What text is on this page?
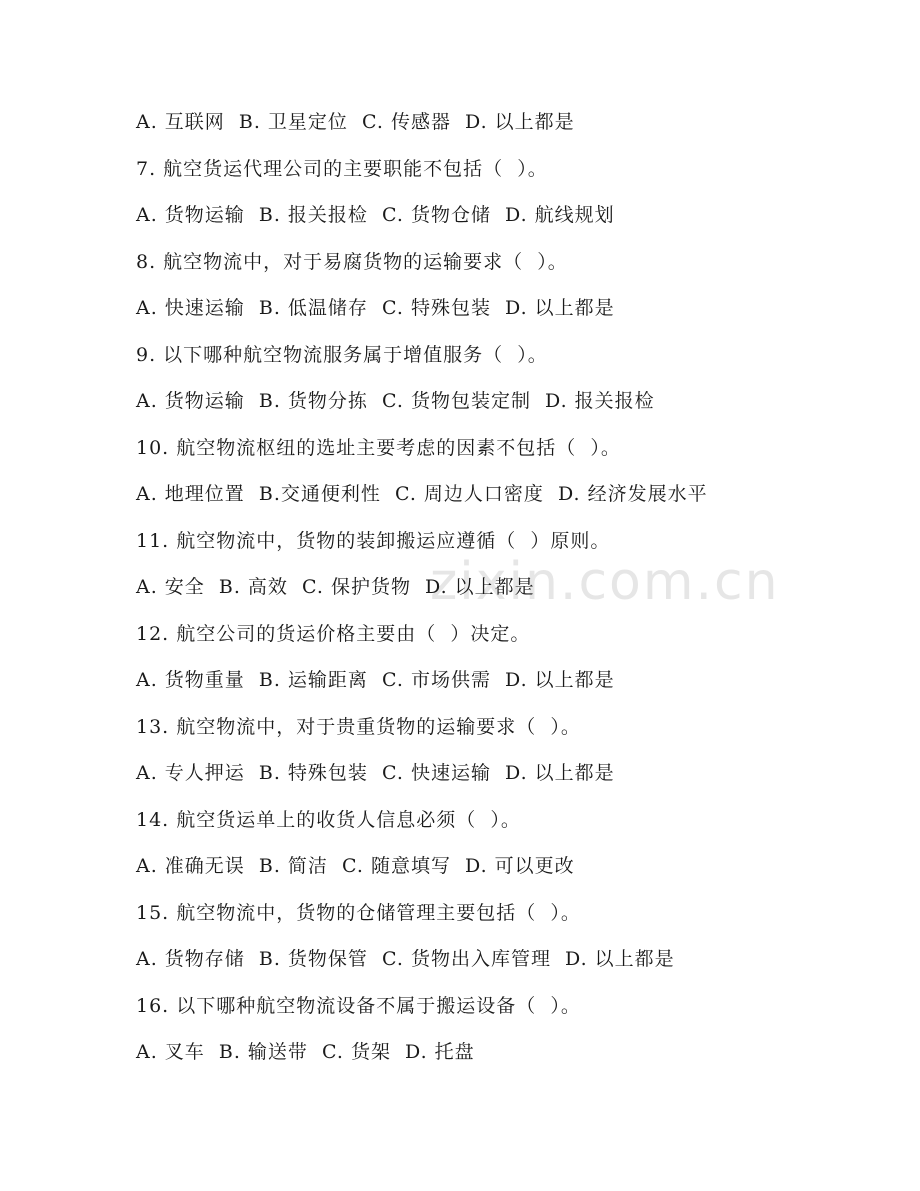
zixin.com.cn
A. 互联网  B. 卫星定位  C. 传感器  D. 以上都是
7. 航空货运代理公司的主要职能不包括（  ）。
A. 货物运输  B. 报关报检  C. 货物仓储  D. 航线规划
8. 航空物流中，对于易腐货物的运输要求（  ）。
A. 快速运输  B. 低温储存  C. 特殊包装  D. 以上都是
9. 以下哪种航空物流服务属于增值服务（  ）。
A. 货物运输  B. 货物分拣  C. 货物包装定制  D. 报关报检
10. 航空物流枢纽的选址主要考虑的因素不包括（  ）。
A. 地理位置  B.交通便利性  C. 周边人口密度  D. 经济发展水平
11. 航空物流中，货物的装卸搬运应遵循（  ）原则。
A. 安全  B. 高效  C. 保护货物  D. 以上都是
12. 航空公司的货运价格主要由（  ）决定。
A. 货物重量  B. 运输距离  C. 市场供需  D. 以上都是
13. 航空物流中，对于贵重货物的运输要求（  ）。
A. 专人押运  B. 特殊包装  C. 快速运输  D. 以上都是
14. 航空货运单上的收货人信息必须（  ）。
A. 准确无误  B. 简洁  C. 随意填写  D. 可以更改
15. 航空物流中，货物的仓储管理主要包括（  ）。
A. 货物存储  B. 货物保管  C. 货物出入库管理  D. 以上都是
16. 以下哪种航空物流设备不属于搬运设备（  ）。
A. 叉车  B. 输送带  C. 货架  D. 托盘
